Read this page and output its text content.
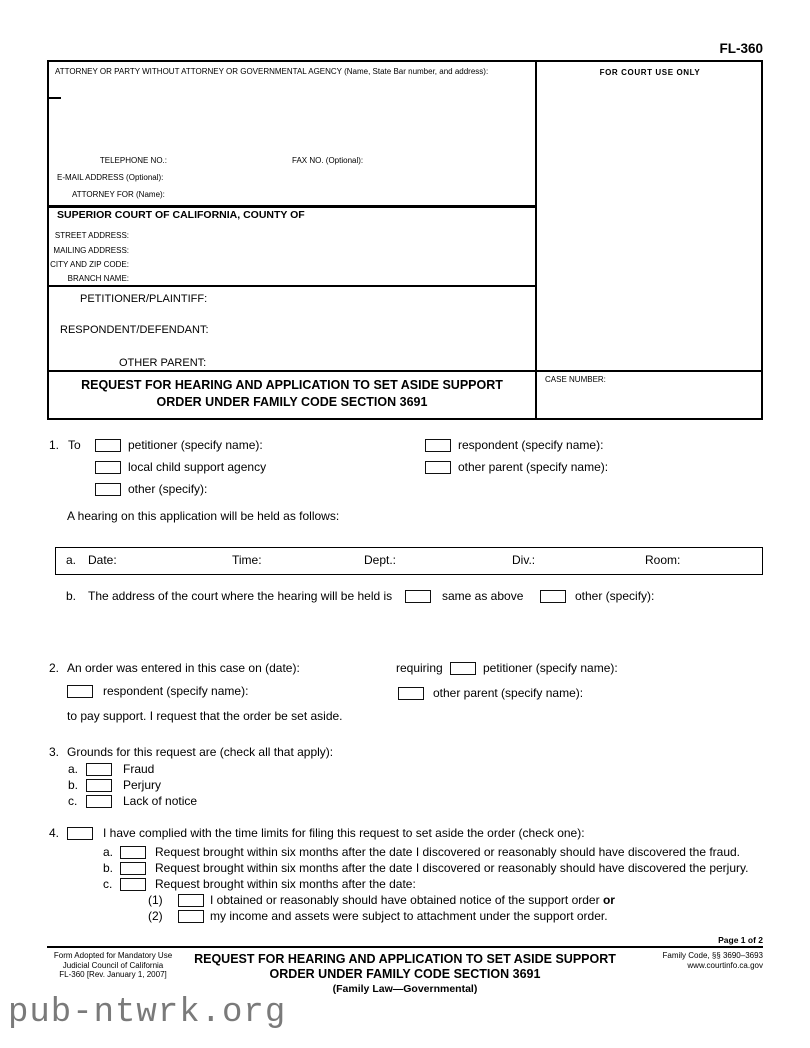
FL-360
ATTORNEY OR PARTY WITHOUT ATTORNEY OR GOVERNMENTAL AGENCY (Name, State Bar number, and address):
TELEPHONE NO.:	FAX NO. (Optional):
E-MAIL ADDRESS (Optional):
ATTORNEY FOR (Name):
SUPERIOR COURT OF CALIFORNIA, COUNTY OF
STREET ADDRESS:
MAILING ADDRESS:
CITY AND ZIP CODE:
BRANCH NAME:
PETITIONER/PLAINTIFF:
RESPONDENT/DEFENDANT:
OTHER PARENT:
REQUEST FOR HEARING AND APPLICATION TO SET ASIDE SUPPORT
ORDER UNDER FAMILY CODE SECTION 3691
FOR COURT USE ONLY
CASE NUMBER:
1. To	petitioner (specify name):	respondent (specify name):
local child support agency	other parent (specify name):
other (specify):
A hearing on this application will be held as follows:
a. Date:	Time:	Dept.:	Div.:	Room:
b. The address of the court where the hearing will be held is	same as above	other (specify):
2. An order was entered in this case on (date):	requiring	petitioner (specify name):
respondent (specify name):	other parent (specify name):
to pay support. I request that the order be set aside.
3. Grounds for this request are (check all that apply):
a.	Fraud
b.	Perjury
c.	Lack of notice
4.	I have complied with the time limits for filing this request to set aside the order (check one):
a.	Request brought within six months after the date I discovered or reasonably should have discovered the fraud.
b.	Request brought within six months after the date I discovered or reasonably should have discovered the perjury.
c.	Request brought within six months after the date:
(1)	I obtained or reasonably should have obtained notice of the support order or
(2)	my income and assets were subject to attachment under the support order.
Page 1 of 2
Form Adopted for Mandatory Use
Judicial Council of California
FL-360 [Rev. January 1, 2007]
REQUEST FOR HEARING AND APPLICATION TO SET ASIDE SUPPORT
ORDER UNDER FAMILY CODE SECTION 3691
(Family Law—Governmental)
Family Code, §§ 3690–3693
www.courtinfo.ca.gov
pub-ntwrk.org
